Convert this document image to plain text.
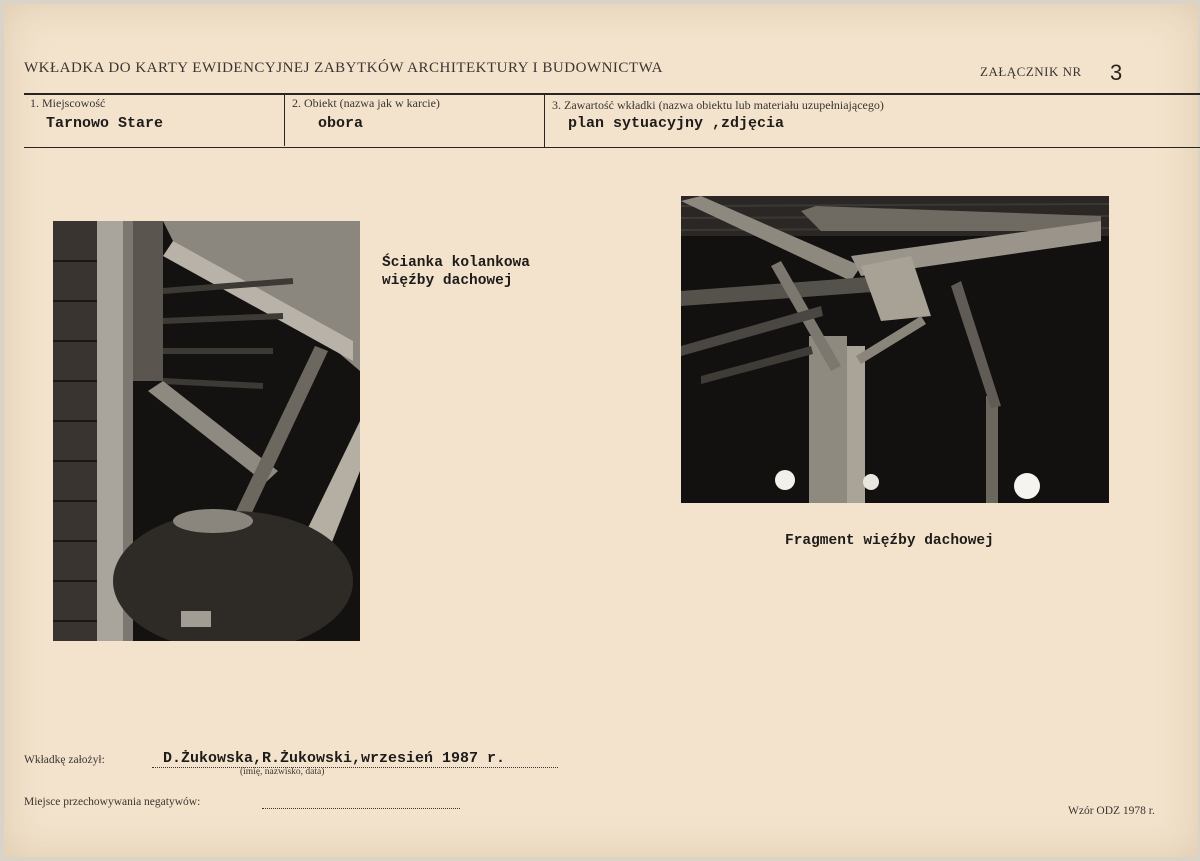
WKŁADKA DO KARTY EWIDENCYJNEJ ZABYTKÓW ARCHITEKTURY I BUDOWNICTWA	ZAŁĄCZNIK NR 3
1. Miejscowość
Tarnowo Stare
2. Obiekt (nazwa jak w karcie)
obora
3. Zawartość wkładki (nazwa obiektu lub materiału uzupełniającego)
plan sytuacyjny ,zdjęcia
Ścianka kolankowa
więźby dachowej
Fragment więźby dachowej
Wkładkę założył:	D.Żukowska,R.Żukowski,wrzesień 1987 r.
(imię, nazwisko, data)
Miejsce przechowywania negatywów:
Wzór ODZ 1978 r.
